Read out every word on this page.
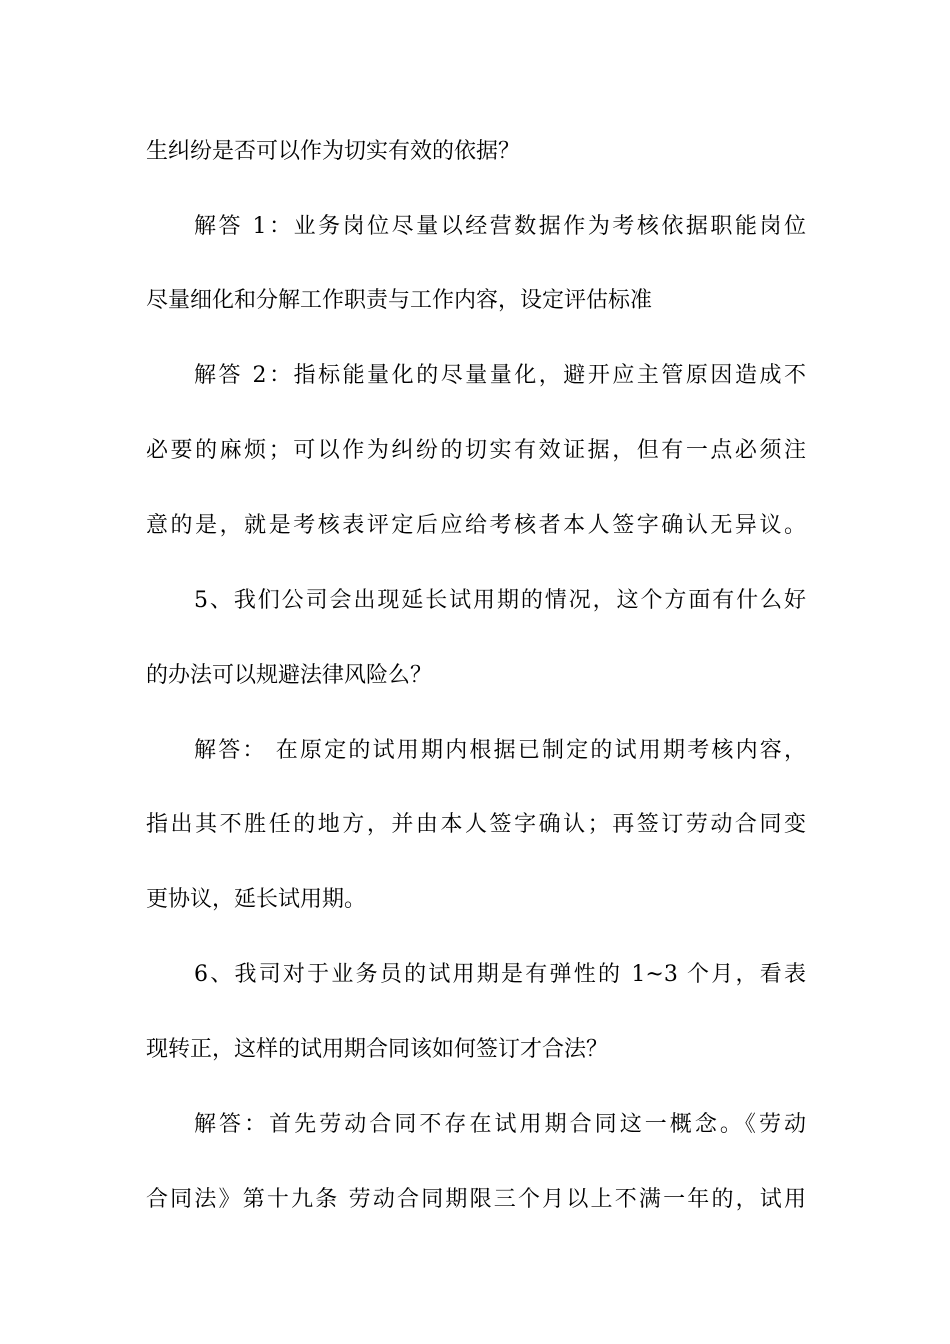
生纠纷是否可以作为切实有效的依据？
解答 1：业务岗位尽量以经营数据作为考核依据职能岗位
尽量细化和分解工作职责与工作内容，设定评估标准
解答 2：指标能量化的尽量量化，避开应主管原因造成不
必要的麻烦；可以作为纠纷的切实有效证据，但有一点必须注
意的是，就是考核表评定后应给考核者本人签字确认无异议。
5、我们公司会出现延长试用期的情况，这个方面有什么好
的办法可以规避法律风险么？
解答： 在原定的试用期内根据已制定的试用期考核内容，
指出其不胜任的地方，并由本人签字确认；再签订劳动合同变
更协议，延长试用期。
6、我司对于业务员的试用期是有弹性的 1~3 个月，看表
现转正，这样的试用期合同该如何签订才合法？
解答：首先劳动合同不存在试用期合同这一概念。《劳动
合同法》第十九条 劳动合同期限三个月以上不满一年的，试用
